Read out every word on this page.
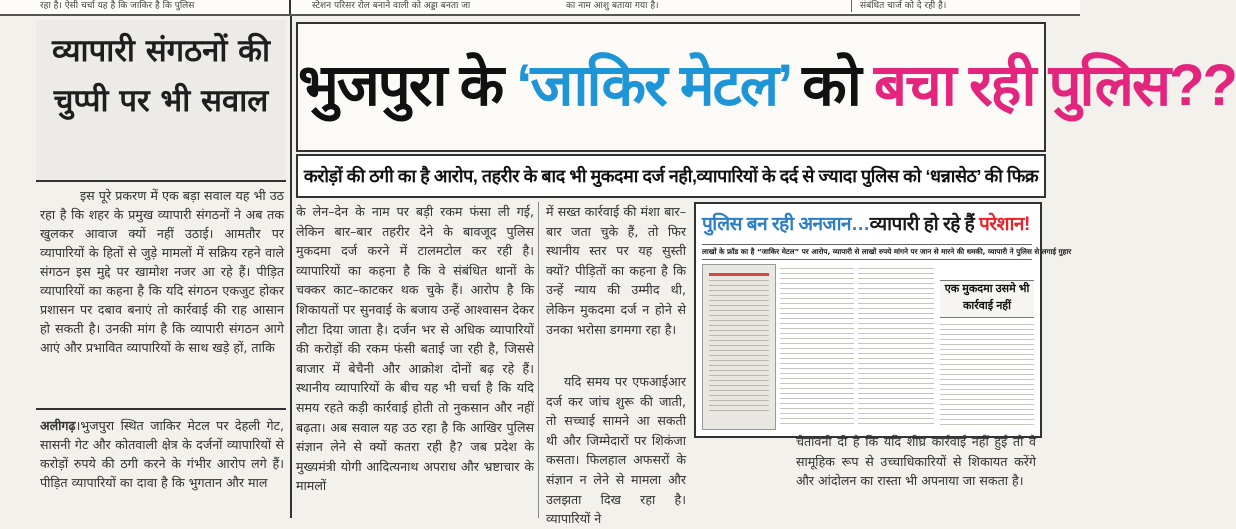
रहा है। ऐसी चर्चा यह है कि जाकिर है कि पुलिस	स्टेशन परिसर रोल बनाने वाली को अड्डा बनता जा	का नाम आशु बताया गया है।	संबंधित चार्ज को दे रही है।
व्यापारी संगठनों की चुप्पी पर भी सवाल

इस पूरे प्रकरण में एक बड़ा सवाल यह भी उठ रहा है कि शहर के प्रमुख व्यापारी संगठनों ने अब तक खुलकर आवाज क्यों नहीं उठाई। आमतौर पर व्यापारियों के हितों से जुड़े मामलों में सक्रिय रहने वाले संगठन इस मुद्दे पर खामोश नजर आ रहे हैं। पीड़ित व्यापारियों का कहना है कि यदि संगठन एकजुट होकर प्रशासन पर दबाव बनाएं तो कार्रवाई की राह आसान हो सकती है। उनकी मांग है कि व्यापारी संगठन आगे आएं और प्रभावित व्यापारियों के साथ खड़े हों, ताकि

अलीगढ़।भुजपुरा स्थित जाकिर मेटल पर देहली गेट, सासनी गेट और कोतवाली क्षेत्र के दर्जनों व्यापारियों से करोड़ों रुपये की ठगी करने के गंभीर आरोप लगे हैं। पीड़ित व्यापारियों का दावा है कि भुगतान और माल

भुजपुरा के ‘जाकिर मेटल’ को बचा रही पुलिस??
करोड़ों की ठगी का है आरोप, तहरीर के बाद भी मुकदमा दर्ज नही,व्यापारियों के दर्द से ज्यादा पुलिस को ‘धन्नासेठ’ की फिक्र

के लेन–देन के नाम पर बड़ी रकम फंसा ली गई, लेकिन बार–बार तहरीर देने के बावजूद पुलिस मुकदमा दर्ज करने में टालमटोल कर रही है। व्यापारियों का कहना है कि वे संबंधित थानों के चक्कर काट–काटकर थक चुके हैं। आरोप है कि शिकायतों पर सुनवाई के बजाय उन्हें आश्वासन देकर लौटा दिया जाता है। दर्जन भर से अधिक व्यापारियों की करोड़ों की रकम फंसी बताई जा रही है, जिससे बाजार में बेचैनी और आक्रोश दोनों बढ़ रहे हैं। स्थानीय व्यापारियों के बीच यह भी चर्चा है कि यदि समय रहते कड़ी कार्रवाई होती तो नुकसान और नहीं बढ़ता। अब सवाल यह उठ रहा है कि आखिर पुलिस संज्ञान लेने से क्यों कतरा रही है? जब प्रदेश के मुख्यमंत्री योगी आदित्यनाथ अपराध और भ्रष्टाचार के मामलों

में सख्त कार्रवाई की मंशा बार–बार जता चुके हैं, तो फिर स्थानीय स्तर पर यह सुस्ती क्यों? पीड़ितों का कहना है कि उन्हें न्याय की उम्मीद थी, लेकिन मुकदमा दर्ज न होने से उनका भरोसा डगमगा रहा है।

यदि समय पर एफआईआर दर्ज कर जांच शुरू की जाती, तो सच्चाई सामने आ सकती थी और जिम्मेदारों पर शिकंजा कसता। फिलहाल अफसरों के संज्ञान न लेने से मामला और उलझता दिख रहा है। व्यापारियों ने

पुलिस बन रही अनजान…व्यापारी हो रहे हैं परेशान!
लाखों के फ्रॉड का है “जाकिर मेटल” पर आरोप, व्यापारी से लाखों रुपये मांगने पर जान से मारने की धमकी, व्यापारी ने पुलिस से लगाई गुहार
एक मुकदमा उसमे भी कार्रवाई नहीं

चेतावनी दी है कि यदि शीघ्र कार्रवाई नहीं हुई तो वे सामूहिक रूप से उच्चाधिकारियों से शिकायत करेंगे और आंदोलन का रास्ता भी अपनाया जा सकता है।
